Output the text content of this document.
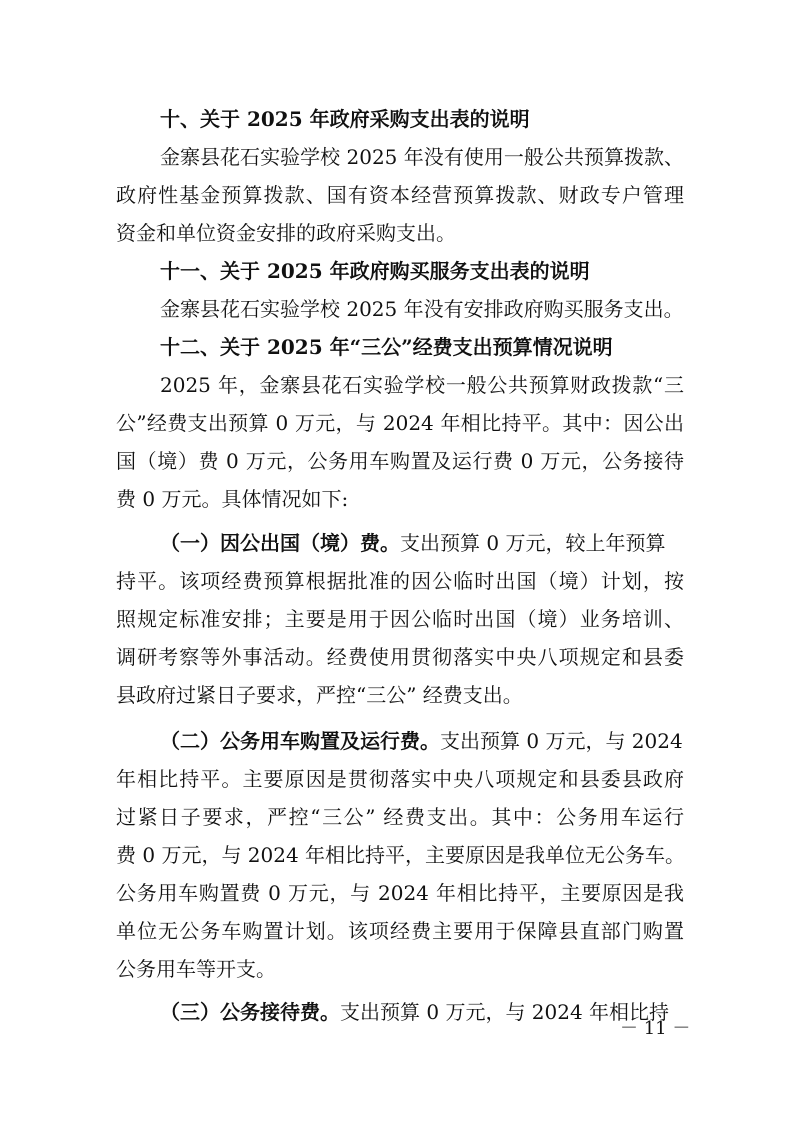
十、关于 2025 年政府采购支出表的说明
金寨县花石实验学校 2025 年没有使用一般公共预算拨款、
政府性基金预算拨款、国有资本经营预算拨款、财政专户管理
资金和单位资金安排的政府采购支出。
十一、关于 2025 年政府购买服务支出表的说明
金寨县花石实验学校 2025 年没有安排政府购买服务支出。
十二、关于 2025 年“三公”经费支出预算情况说明
2025 年，金寨县花石实验学校一般公共预算财政拨款“三
公”经费支出预算 0 万元，与 2024 年相比持平。其中：因公出
国（境）费 0 万元，公务用车购置及运行费 0 万元，公务接待
费 0 万元。具体情况如下:
（一）因公出国（境）费。支出预算 0 万元，较上年预算
持平。该项经费预算根据批准的因公临时出国（境）计划，按
照规定标准安排；主要是用于因公临时出国（境）业务培训、
调研考察等外事活动。经费使用贯彻落实中央八项规定和县委
县政府过紧日子要求，严控“三公” 经费支出。
（二）公务用车购置及运行费。支出预算 0 万元，与 2024
年相比持平。主要原因是贯彻落实中央八项规定和县委县政府
过紧日子要求，严控“三公” 经费支出。其中：公务用车运行
费 0 万元，与 2024 年相比持平，主要原因是我单位无公务车。
公务用车购置费 0 万元，与 2024 年相比持平，主要原因是我
单位无公务车购置计划。该项经费主要用于保障县直部门购置
公务用车等开支。
（三）公务接待费。支出预算 0 万元，与 2024 年相比持
－ 11 －
